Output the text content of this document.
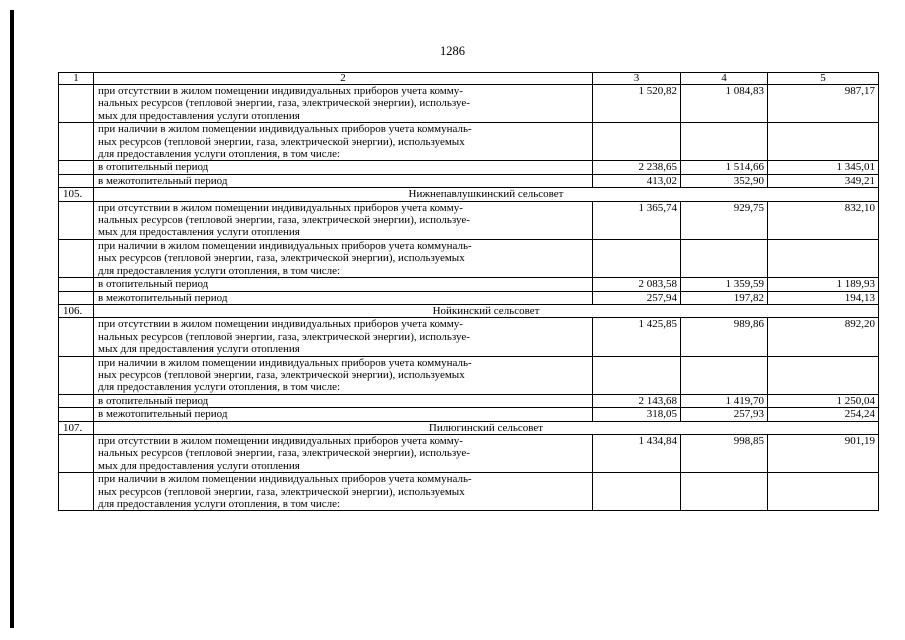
1286
1	2	3	4	5

	при отсутствии в жилом помещении индивидуальных приборов учета комму-
нальных ресурсов (тепловой энергии, газа, электрической энергии), используе-
мых для предоставления услуги отопления	1 520,82	1 084,83	987,17

	при наличии в жилом помещении индивидуальных приборов учета коммуналь-
ных ресурсов (тепловой энергии, газа, электрической энергии), используемых
для предоставления услуги отопления, в том числе:			

	в отопительный период	2 238,65	1 514,66	1 345,01

	в межотопительный период	413,02	352,90	349,21
105.	Нижнепавлушкинский сельсовет			

	при отсутствии в жилом помещении индивидуальных приборов учета комму-
нальных ресурсов (тепловой энергии, газа, электрической энергии), используе-
мых для предоставления услуги отопления	1 365,74	929,75	832,10

	при наличии в жилом помещении индивидуальных приборов учета коммуналь-
ных ресурсов (тепловой энергии, газа, электрической энергии), используемых
для предоставления услуги отопления, в том числе:			

	в отопительный период	2 083,58	1 359,59	1 189,93

	в межотопительный период	257,94	197,82	194,13
106.	Нойкинский сельсовет			

	при отсутствии в жилом помещении индивидуальных приборов учета комму-
нальных ресурсов (тепловой энергии, газа, электрической энергии), используе-
мых для предоставления услуги отопления	1 425,85	989,86	892,20

	при наличии в жилом помещении индивидуальных приборов учета коммуналь-
ных ресурсов (тепловой энергии, газа, электрической энергии), используемых
для предоставления услуги отопления, в том числе:			

	в отопительный период	2 143,68	1 419,70	1 250,04

	в межотопительный период	318,05	257,93	254,24
107.	Пилюгинский сельсовет			

	при отсутствии в жилом помещении индивидуальных приборов учета комму-
нальных ресурсов (тепловой энергии, газа, электрической энергии), используе-
мых для предоставления услуги отопления	1 434,84	998,85	901,19

	при наличии в жилом помещении индивидуальных приборов учета коммуналь-
ных ресурсов (тепловой энергии, газа, электрической энергии), используемых
для предоставления услуги отопления, в том числе:			
